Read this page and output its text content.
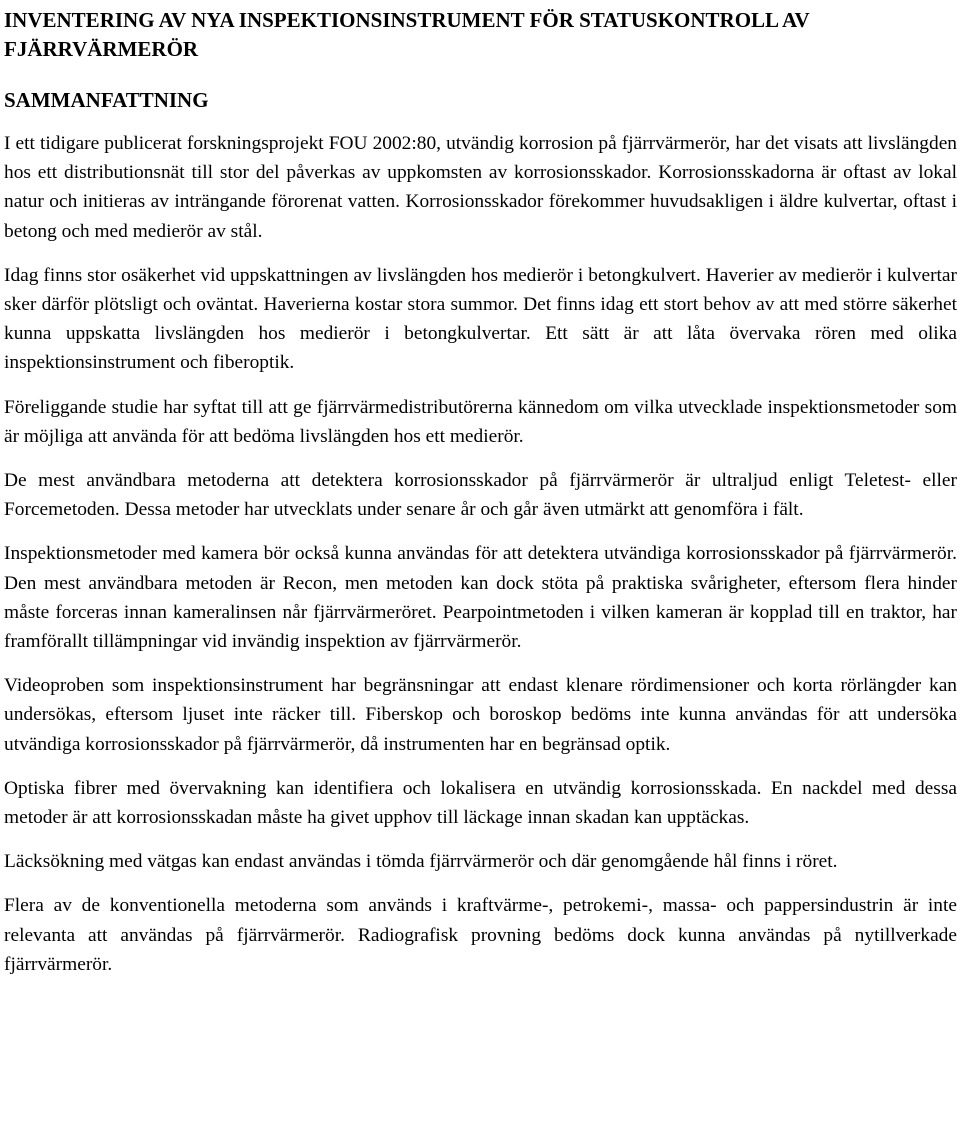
INVENTERING AV NYA INSPEKTIONSINSTRUMENT FÖR STATUSKONTROLL AV FJÄRRVÄRMERÖR
SAMMANFATTNING

I ett tidigare publicerat forskningsprojekt FOU 2002:80, utvändig korrosion på fjärrvärmerör, har det visats att livslängden hos ett distributionsnät till stor del påverkas av uppkomsten av korrosionsskador. Korrosionsskadorna är oftast av lokal natur och initieras av inträngande förorenat vatten. Korrosionsskador förekommer huvudsakligen i äldre kulvertar, oftast i betong och med medierör av stål.

Idag finns stor osäkerhet vid uppskattningen av livslängden hos medierör i betongkulvert. Haverier av medierör i kulvertar sker därför plötsligt och oväntat. Haverierna kostar stora summor. Det finns idag ett stort behov av att med större säkerhet kunna uppskatta livslängden hos medierör i betongkulvertar. Ett sätt är att låta övervaka rören med olika inspektionsinstrument och fiberoptik.

Föreliggande studie har syftat till att ge fjärrvärmedistributörerna kännedom om vilka utvecklade inspektionsmetoder som är möjliga att använda för att bedöma livslängden hos ett medierör.

De mest användbara metoderna att detektera korrosionsskador på fjärrvärmerör är ultraljud enligt Teletest- eller Forcemetoden. Dessa metoder har utvecklats under senare år och går även utmärkt att genomföra i fält.

Inspektionsmetoder med kamera bör också kunna användas för att detektera utvändiga korrosionsskador på fjärrvärmerör. Den mest användbara metoden är Recon, men metoden kan dock stöta på praktiska svårigheter, eftersom flera hinder måste forceras innan kameralinsen når fjärrvärmeröret. Pearpointmetoden i vilken kameran är kopplad till en traktor, har framförallt tillämpningar vid invändig inspektion av fjärrvärmerör.

Videoproben som inspektionsinstrument har begränsningar att endast klenare rördimensioner och korta rörlängder kan undersökas, eftersom ljuset inte räcker till. Fiberskop och boroskop bedöms inte kunna användas för att undersöka utvändiga korrosionsskador på fjärrvärmerör, då instrumenten har en begränsad optik.

Optiska fibrer med övervakning kan identifiera och lokalisera en utvändig korrosionsskada. En nackdel med dessa metoder är att korrosionsskadan måste ha givet upphov till läckage innan skadan kan upptäckas.

Läcksökning med vätgas kan endast användas i tömda fjärrvärmerör och där genomgående hål finns i röret.

Flera av de konventionella metoderna som används i kraftvärme-, petrokemi-, massa- och pappersindustrin är inte relevanta att användas på fjärrvärmerör. Radiografisk provning bedöms dock kunna användas på nytillverkade fjärrvärmerör.
